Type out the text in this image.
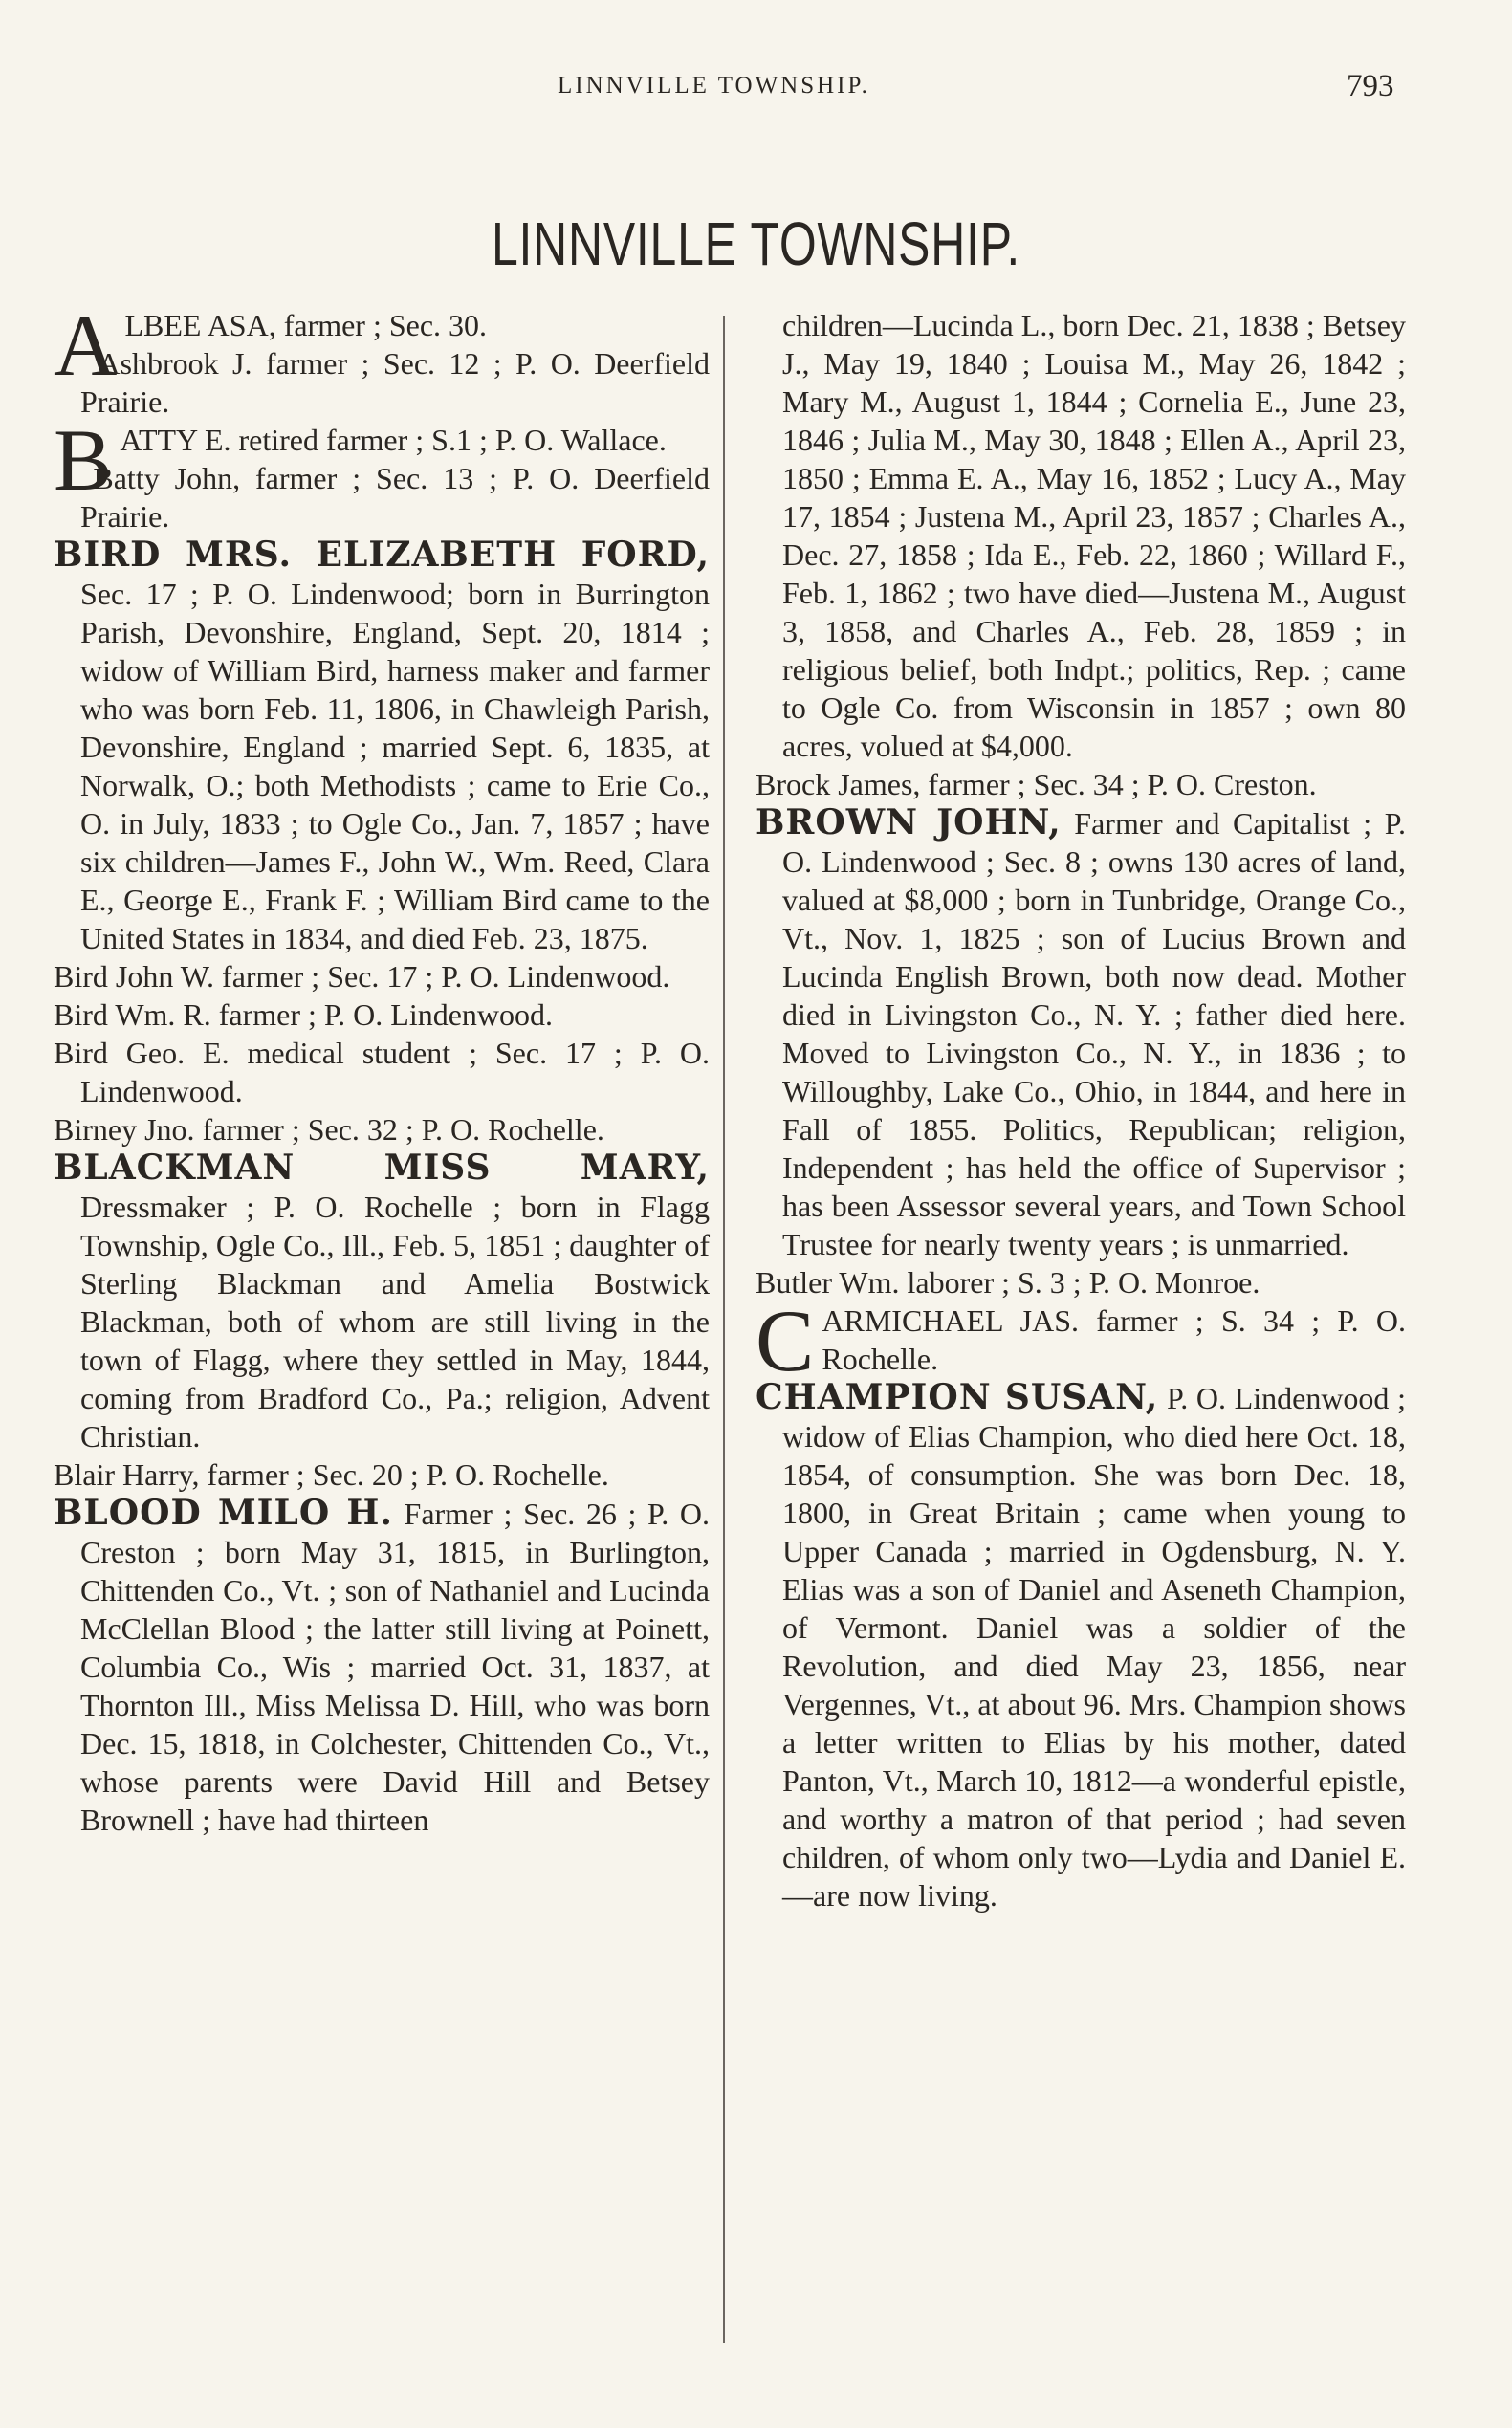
LINNVILLE TOWNSHIP.	793
LINNVILLE TOWNSHIP.

ALBEE ASA, farmer ; Sec. 30.

Ashbrook J. farmer ; Sec. 12 ; P. O. Deerfield Prairie.

BATTY E. retired farmer ; S.1 ; P. O. Wallace.

Batty John, farmer ; Sec. 13 ; P. O. Deerfield Prairie.

BIRD MRS. ELIZABETH FORD, Sec. 17 ; P. O. Lindenwood; born in Burrington Parish, Devonshire, England, Sept. 20, 1814 ; widow of William Bird, harness maker and farmer who was born Feb. 11, 1806, in Chawleigh Parish, Devonshire, England ; married Sept. 6, 1835, at Norwalk, O.; both Methodists ; came to Erie Co., O. in July, 1833 ; to Ogle Co., Jan. 7, 1857 ; have six children—James F., John W., Wm. Reed, Clara E., George E., Frank F. ; William Bird came to the United States in 1834, and died Feb. 23, 1875.

Bird John W. farmer ; Sec. 17 ; P. O. Lindenwood.

Bird Wm. R. farmer ; P. O. Lindenwood.

Bird Geo. E. medical student ; Sec. 17 ; P. O. Lindenwood.

Birney Jno. farmer ; Sec. 32 ; P. O. Rochelle.

BLACKMAN MISS MARY, Dressmaker ; P. O. Rochelle ; born in Flagg Township, Ogle Co., Ill., Feb. 5, 1851 ; daughter of Sterling Blackman and Amelia Bostwick Blackman, both of whom are still living in the town of Flagg, where they settled in May, 1844, coming from Bradford Co., Pa.; religion, Advent Christian.

Blair Harry, farmer ; Sec. 20 ; P. O. Rochelle.

BLOOD MILO H. Farmer ; Sec. 26 ; P. O. Creston ; born May 31, 1815, in Burlington, Chittenden Co., Vt. ; son of Nathaniel and Lucinda McClellan Blood ; the latter still living at Poinett, Columbia Co., Wis ; married Oct. 31, 1837, at Thornton Ill., Miss Melissa D. Hill, who was born Dec. 15, 1818, in Colchester, Chittenden Co., Vt., whose parents were David Hill and Betsey Brownell ; have had thirteen

children—Lucinda L., born Dec. 21, 1838 ; Betsey J., May 19, 1840 ; Louisa M., May 26, 1842 ; Mary M., August 1, 1844 ; Cornelia E., June 23, 1846 ; Julia M., May 30, 1848 ; Ellen A., April 23, 1850 ; Emma E. A., May 16, 1852 ; Lucy A., May 17, 1854 ; Justena M., April 23, 1857 ; Charles A., Dec. 27, 1858 ; Ida E., Feb. 22, 1860 ; Willard F., Feb. 1, 1862 ; two have died—Justena M., August 3, 1858, and Charles A., Feb. 28, 1859 ; in religious belief, both Indpt.; politics, Rep. ; came to Ogle Co. from Wisconsin in 1857 ; own 80 acres, volued at $4,000.

Brock James, farmer ; Sec. 34 ; P. O. Creston.

BROWN JOHN, Farmer and Capitalist ; P. O. Lindenwood ; Sec. 8 ; owns 130 acres of land, valued at $8,000 ; born in Tunbridge, Orange Co., Vt., Nov. 1, 1825 ; son of Lucius Brown and Lucinda English Brown, both now dead. Mother died in Livingston Co., N. Y. ; father died here. Moved to Livingston Co., N. Y., in 1836 ; to Willoughby, Lake Co., Ohio, in 1844, and here in Fall of 1855. Politics, Republican; religion, Independent ; has held the office of Supervisor ; has been Assessor several years, and Town School Trustee for nearly twenty years ; is unmarried.

Butler Wm. laborer ; S. 3 ; P. O. Monroe.

CARMICHAEL JAS. farmer ; S. 34 ; P. O. Rochelle.

CHAMPION SUSAN, P. O. Lindenwood ; widow of Elias Champion, who died here Oct. 18, 1854, of consumption. She was born Dec. 18, 1800, in Great Britain ; came when young to Upper Canada ; married in Ogdensburg, N. Y. Elias was a son of Daniel and Aseneth Champion, of Vermont. Daniel was a soldier of the Revolution, and died May 23, 1856, near Vergennes, Vt., at about 96. Mrs. Champion shows a letter written to Elias by his mother, dated Panton, Vt., March 10, 1812—a wonderful epistle, and worthy a matron of that period ; had seven children, of whom only two—Lydia and Daniel E.—are now living.
